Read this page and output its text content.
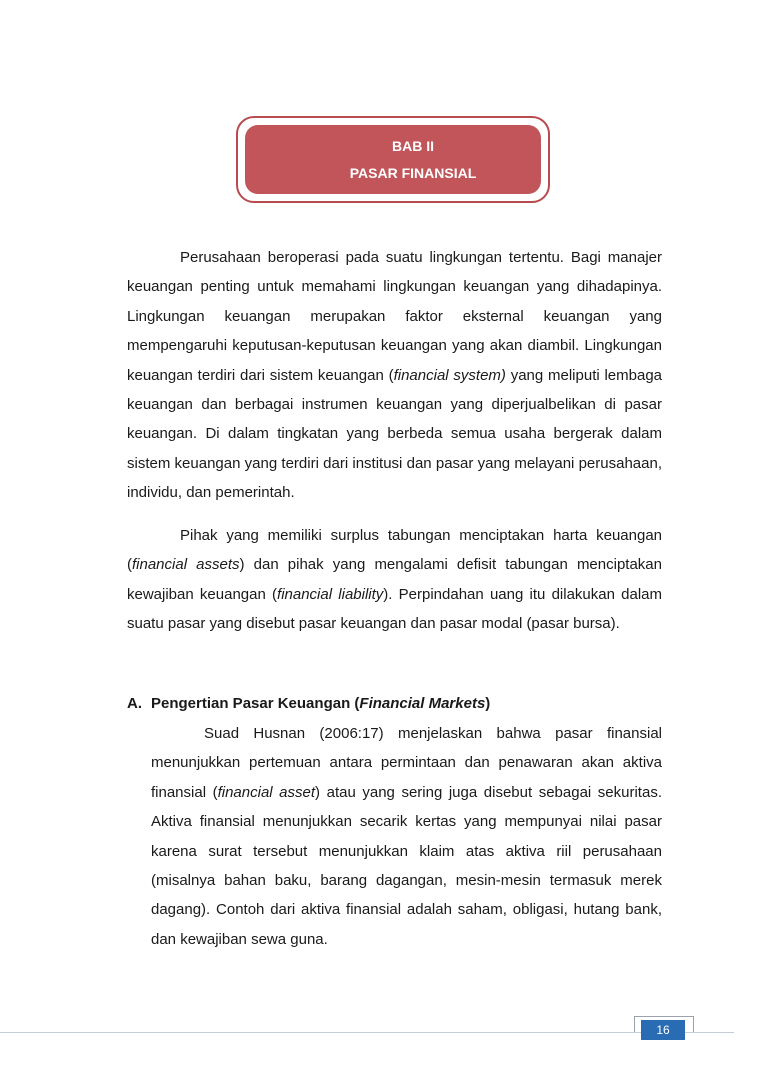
BAB II
PASAR FINANSIAL

Perusahaan beroperasi pada suatu lingkungan tertentu. Bagi manajer keuangan penting untuk memahami lingkungan keuangan yang dihadapinya. Lingkungan keuangan merupakan faktor eksternal keuangan yang mempengaruhi keputusan-keputusan keuangan yang akan diambil. Lingkungan keuangan terdiri dari sistem keuangan (financial system) yang meliputi lembaga keuangan dan berbagai instrumen keuangan yang diperjualbelikan di pasar keuangan. Di dalam tingkatan yang berbeda semua usaha bergerak dalam sistem keuangan yang terdiri dari institusi dan pasar yang melayani perusahaan, individu, dan pemerintah.

Pihak yang memiliki surplus tabungan menciptakan harta keuangan (financial assets) dan pihak yang mengalami defisit tabungan menciptakan kewajiban keuangan (financial liability). Perpindahan uang itu dilakukan dalam suatu pasar yang disebut pasar keuangan dan pasar modal (pasar bursa).

A. Pengertian Pasar Keuangan (Financial Markets)

Suad Husnan (2006:17) menjelaskan bahwa pasar finansial menunjukkan pertemuan antara permintaan dan penawaran akan aktiva finansial (financial asset) atau yang sering juga disebut sebagai sekuritas. Aktiva finansial menunjukkan secarik kertas yang mempunyai nilai pasar karena surat tersebut menunjukkan klaim atas aktiva riil perusahaan (misalnya bahan baku, barang dagangan, mesin-mesin termasuk merek dagang). Contoh dari aktiva finansial adalah saham, obligasi, hutang bank, dan kewajiban sewa guna.

16
